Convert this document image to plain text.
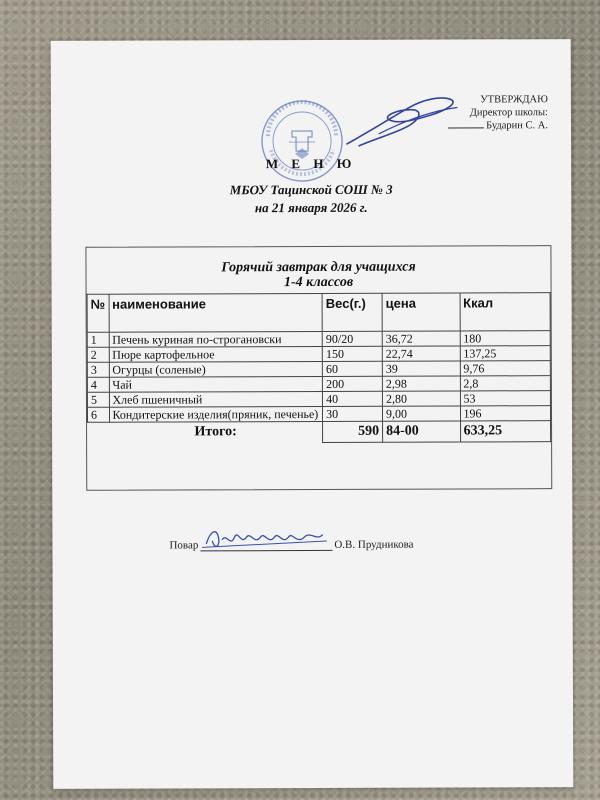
УТВЕРЖДАЮ
Директор школы:
Бударин С. А.
М Е Н Ю
МБОУ Тацинской СОШ № 3
на 21 января 2026 г.
Горячий завтрак для учащихся
1-4 классов
№	наименование	Вес(г.)	цена	Ккал
1	Печень куриная по-строгановски	90/20	36,72	180
2	Пюре картофельное	150	22,74	137,25
3	Огурцы (соленые)	60	39	9,76
4	Чай	200	2,98	2,8
5	Хлеб пшеничный	40	2,80	53
6	Кондитерские изделия(пряник, печенье)	30	9,00	196
	Итого:	590	84-00	633,25
Повар	О.В. Прудникова
